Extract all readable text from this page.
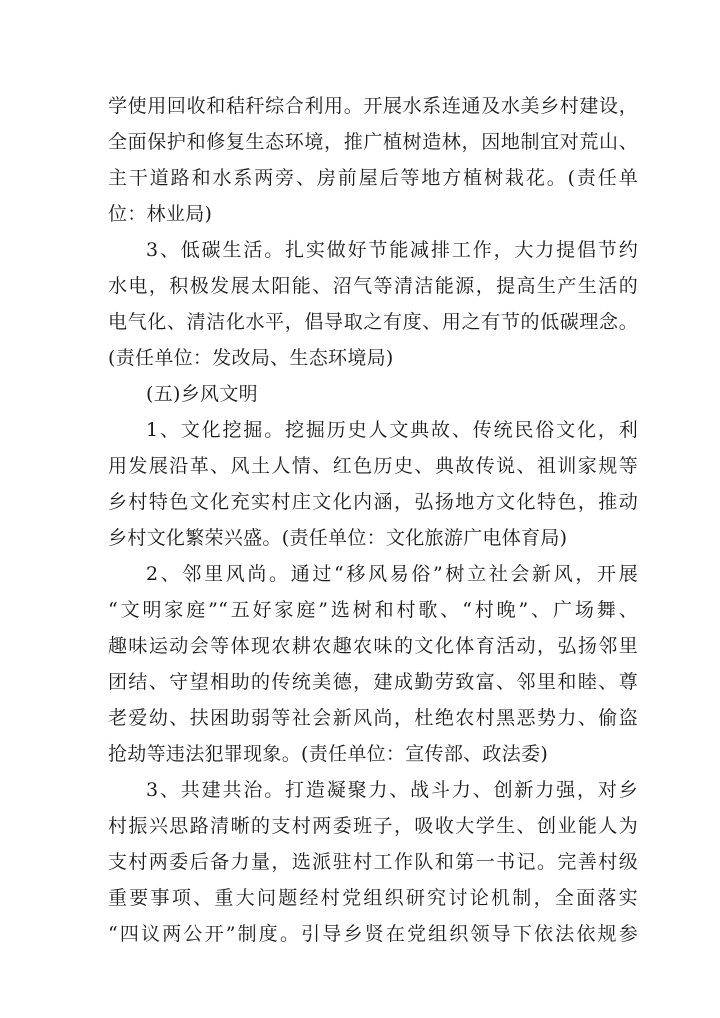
学使用回收和秸秆综合利用。开展水系连通及水美乡村建设，
全面保护和修复生态环境，推广植树造林，因地制宜对荒山、
主干道路和水系两旁、房前屋后等地方植树栽花。(责任单
位：林业局)
3、低碳生活。扎实做好节能减排工作，大力提倡节约
水电，积极发展太阳能、沼气等清洁能源，提高生产生活的
电气化、清洁化水平，倡导取之有度、用之有节的低碳理念。
(责任单位：发改局、生态环境局)
(五)乡风文明
1、文化挖掘。挖掘历史人文典故、传统民俗文化，利
用发展沿革、风土人情、红色历史、典故传说、祖训家规等
乡村特色文化充实村庄文化内涵，弘扬地方文化特色，推动
乡村文化繁荣兴盛。(责任单位：文化旅游广电体育局)
2、邻里风尚。通过“移风易俗”树立社会新风，开展
“文明家庭”“五好家庭”选树和村歌、“村晚”、广场舞、
趣味运动会等体现农耕农趣农味的文化体育活动，弘扬邻里
团结、守望相助的传统美德，建成勤劳致富、邻里和睦、尊
老爱幼、扶困助弱等社会新风尚，杜绝农村黑恶势力、偷盗
抢劫等违法犯罪现象。(责任单位：宣传部、政法委)
3、共建共治。打造凝聚力、战斗力、创新力强，对乡
村振兴思路清晰的支村两委班子，吸收大学生、创业能人为
支村两委后备力量，选派驻村工作队和第一书记。完善村级
重要事项、重大问题经村党组织研究讨论机制，全面落实
“四议两公开”制度。引导乡贤在党组织领导下依法依规参
